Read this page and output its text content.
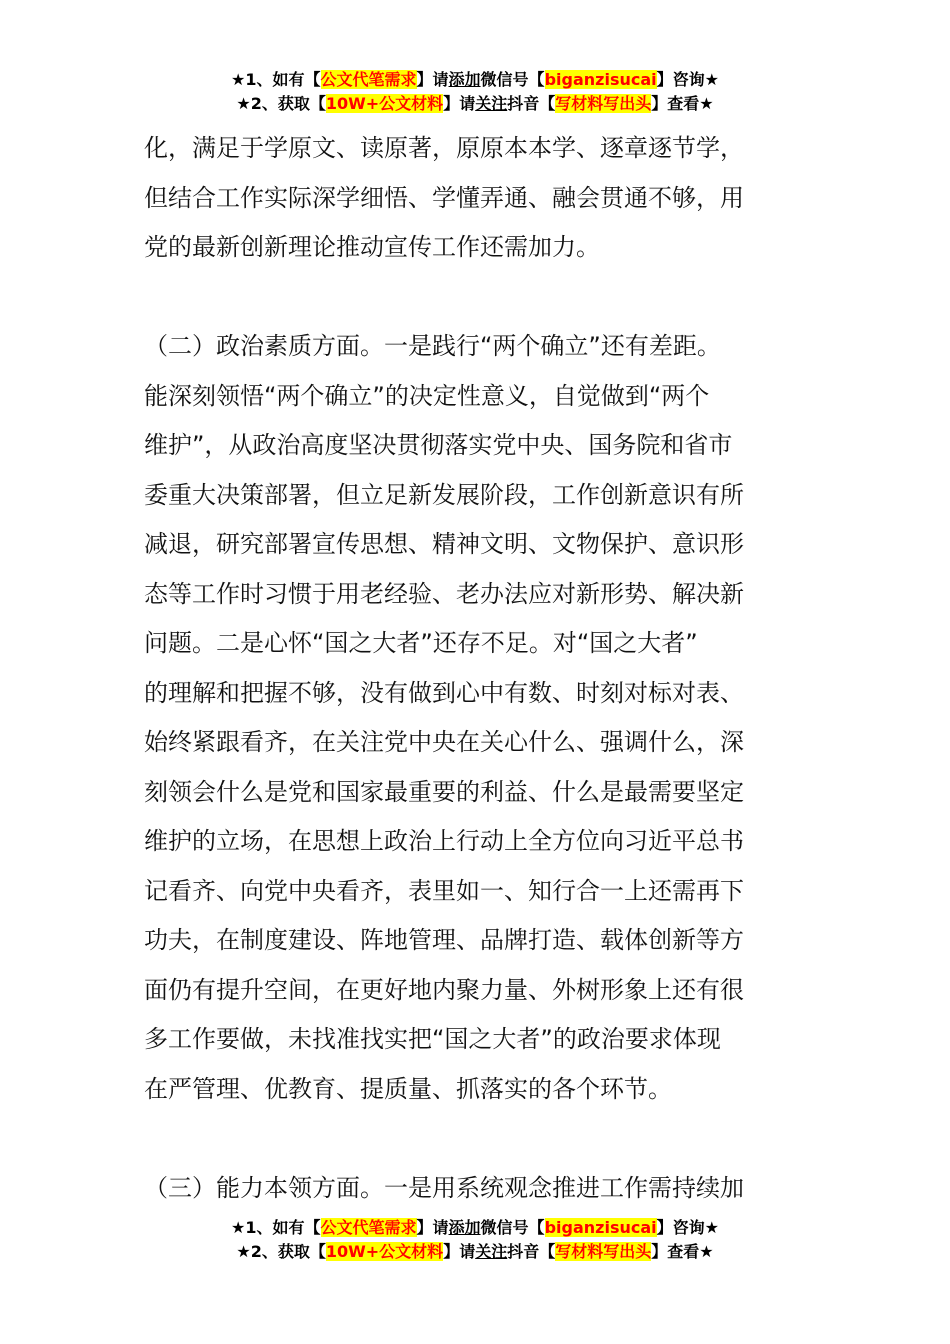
★1、如有【公文代笔需求】请添加微信号【biganzisucai】咨询★
★2、获取【10W+公文材料】请关注抖音【写材料写出头】查看★
化，满足于学原文、读原著，原原本本学、逐章逐节学，
但结合工作实际深学细悟、学懂弄通、融会贯通不够，用
党的最新创新理论推动宣传工作还需加力。
（二）政治素质方面。一是践行“两个确立”还有差距。
能深刻领悟“两个确立”的决定性意义，自觉做到“两个
维护”，从政治高度坚决贯彻落实党中央、国务院和省市
委重大决策部署，但立足新发展阶段，工作创新意识有所
减退，研究部署宣传思想、精神文明、文物保护、意识形
态等工作时习惯于用老经验、老办法应对新形势、解决新
问题。二是心怀“国之大者”还存不足。对“国之大者”
的理解和把握不够，没有做到心中有数、时刻对标对表、
始终紧跟看齐，在关注党中央在关心什么、强调什么，深
刻领会什么是党和国家最重要的利益、什么是最需要坚定
维护的立场，在思想上政治上行动上全方位向习近平总书
记看齐、向党中央看齐，表里如一、知行合一上还需再下
功夫，在制度建设、阵地管理、品牌打造、载体创新等方
面仍有提升空间，在更好地内聚力量、外树形象上还有很
多工作要做，未找准找实把“国之大者”的政治要求体现
在严管理、优教育、提质量、抓落实的各个环节。
（三）能力本领方面。一是用系统观念推进工作需持续加
★1、如有【公文代笔需求】请添加微信号【biganzisucai】咨询★
★2、获取【10W+公文材料】请关注抖音【写材料写出头】查看★
